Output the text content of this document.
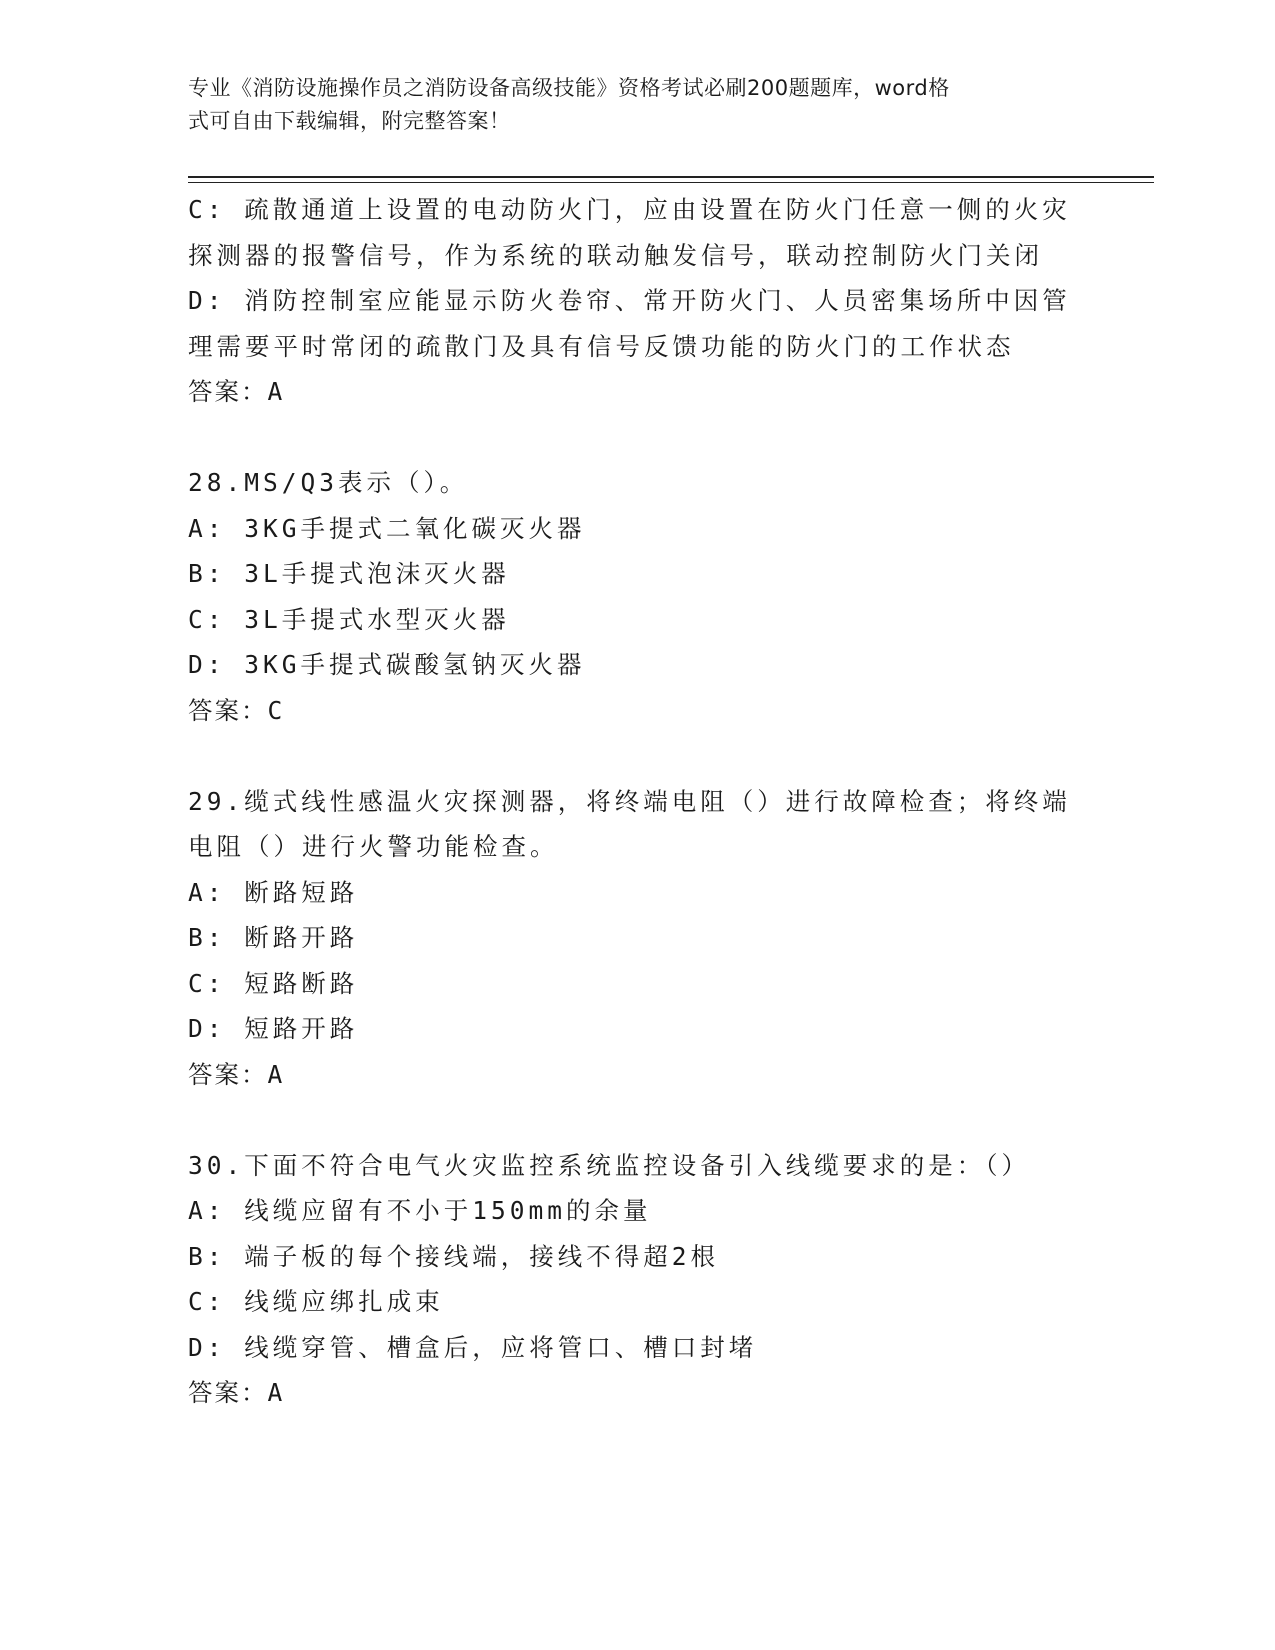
专业《消防设施操作员之消防设备高级技能》资格考试必刷200题题库，word格
式可自由下载编辑，附完整答案！
C: 疏散通道上设置的电动防火门，应由设置在防火门任意一侧的火灾
探测器的报警信号，作为系统的联动触发信号，联动控制防火门关闭
D: 消防控制室应能显示防火卷帘、常开防火门、人员密集场所中因管
理需要平时常闭的疏散门及具有信号反馈功能的防火门的工作状态
答案：A
28.MS/Q3表示（）。
A: 3KG手提式二氧化碳灭火器
B: 3L手提式泡沫灭火器
C: 3L手提式水型灭火器
D: 3KG手提式碳酸氢钠灭火器
答案：C
29.缆式线性感温火灾探测器，将终端电阻（）进行故障检查；将终端
电阻（）进行火警功能检查。
A: 断路短路
B: 断路开路
C: 短路断路
D: 短路开路
答案：A
30.下面不符合电气火灾监控系统监控设备引入线缆要求的是：（）
A: 线缆应留有不小于150mm的余量
B: 端子板的每个接线端，接线不得超2根
C: 线缆应绑扎成束
D: 线缆穿管、槽盒后，应将管口、槽口封堵
答案：A
